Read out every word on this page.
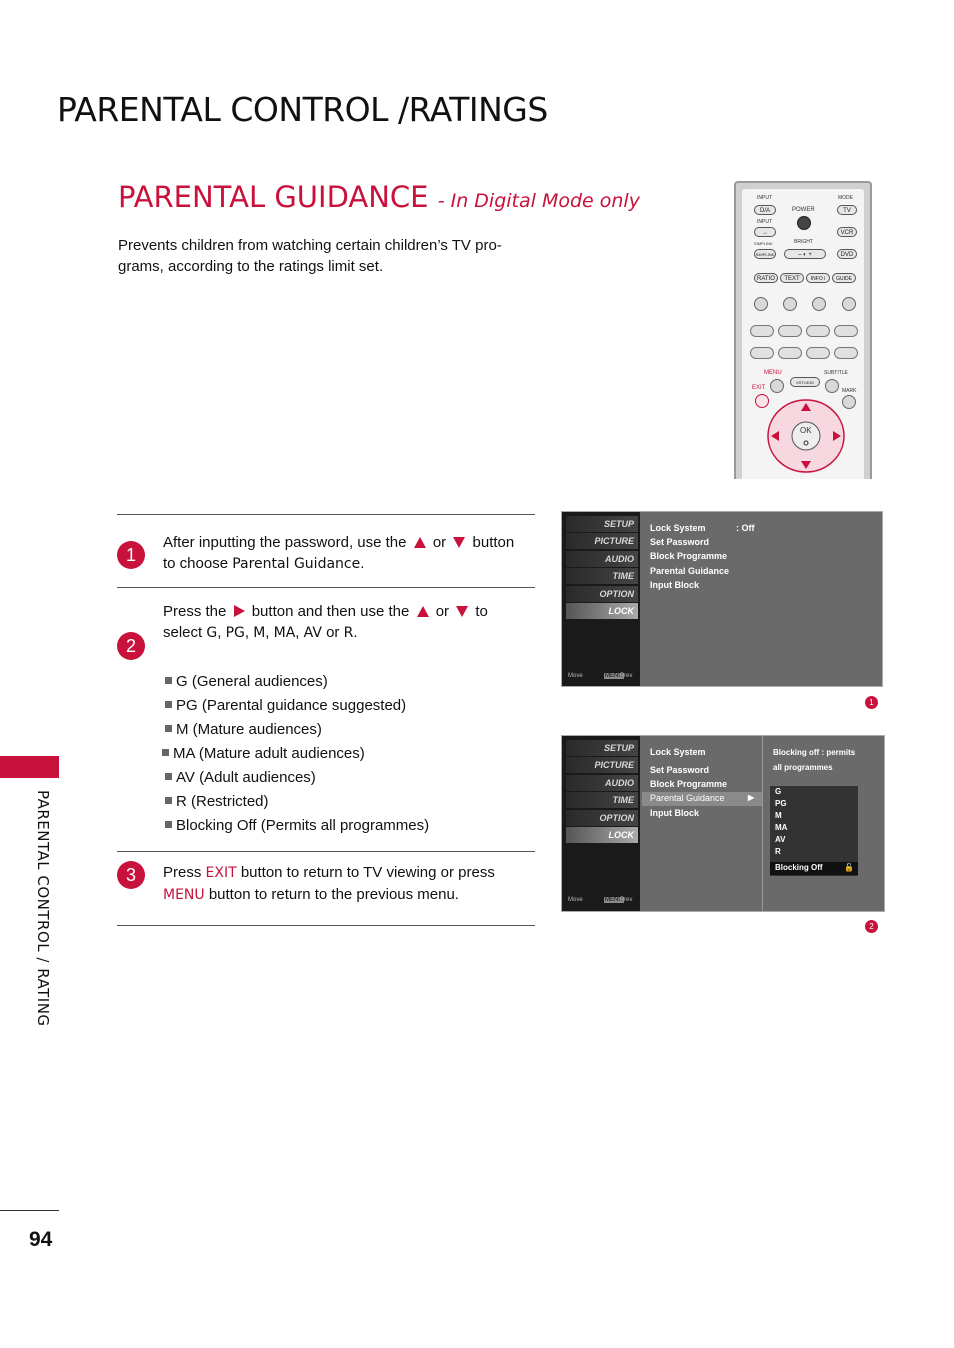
PARENTAL CONTROL /RATINGS
PARENTAL GUIDANCE - In Digital Mode only
Prevents children from watching certain children’s TV pro-
grams, according to the ratings limit set.
INPUT	MODE
POWER
D/A	TV
INPUT
→	VCR
SIMPLINK	BRIGHT
SIMPLINK	– ◐ +	DVD
RATIO	TEXT	INFO i	GUIDE
MENU
XSTUDIO
SUBTITLE
EXIT	MARK
OK
1
After inputting the password, use the or button
to choose Parental Guidance.
2
Press the button and then use the or to
select G, PG, M, MA, AV or R.
G (General audiences)
PG (Parental guidance suggested)
M (Mature audiences)
MA (Mature adult audiences)
AV (Adult audiences)
R (Restricted)
Blocking Off (Permits all programmes)
3	Press EXIT button to return to TV viewing or press
MENU button to return to the previous menu.
SETUP
PICTURE
AUDIO
TIME
OPTION
LOCK
Move	MENU
Prev
Lock System	: Off
Set Password
Block Programme
Parental Guidance
Input Block
1
SETUP
PICTURE
AUDIO
TIME
OPTION
LOCK
Move	MENU
Prev
Lock System
Set Password
Block Programme
Parental Guidance	▶
Input Block
Blocking off : permits
all programmes
G
PG
M
MA
AV
R
Blocking Off	🔓
2
PARENTAL CONTROL / RATING
94
